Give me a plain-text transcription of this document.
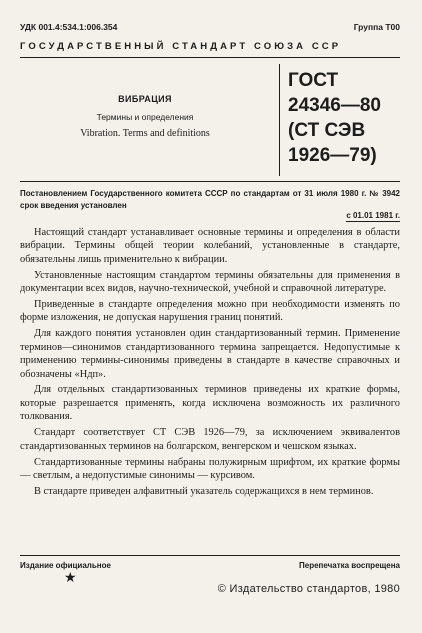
УДК 001.4:534.1:006.354	Группа Т00
ГОСУДАРСТВЕННЫЙ СТАНДАРТ СОЮЗА ССР
ВИБРАЦИЯ
Термины и определения
Vibration. Terms and definitions
ГОСТ
24346—80
(СТ СЭВ
1926—79)
Постановлением Государственного комитета СССР по стандартам от 31 июля 1980 г. № 3942 срок введения установлен
с 01.01 1981 г.

Настоящий стандарт устанавливает основные термины и определения в области вибрации. Термины общей теории колебаний, установленные в стандарте, обязательны лишь применительно к вибрации.

Установленные настоящим стандартом термины обязательны для применения в документации всех видов, научно-технической, учебной и справочной литературе.

Приведенные в стандарте определения можно при необходимости изменять по форме изложения, не допуская нарушения границ понятий.

Для каждого понятия установлен один стандартизованный термин. Применение терминов—синонимов стандартизованного термина запрещается. Недопустимые к применению термины-синонимы приведены в стандарте в качестве справочных и обозначены «Ндп».

Для отдельных стандартизованных терминов приведены их краткие формы, которые разрешается применять, когда исключена возможность их различного толкования.

Стандарт соответствует СТ СЭВ 1926—79, за исключением эквивалентов стандартизованных терминов на болгарском, венгерском и чешском языках.

Стандартизованные термины набраны полужирным шрифтом, их краткие формы — светлым, а недопустимые синонимы — курсивом.

В стандарте приведен алфавитный указатель содержащихся в нем терминов.

Издание официальное	Перепечатка воспрещена
★
© Издательство стандартов, 1980
